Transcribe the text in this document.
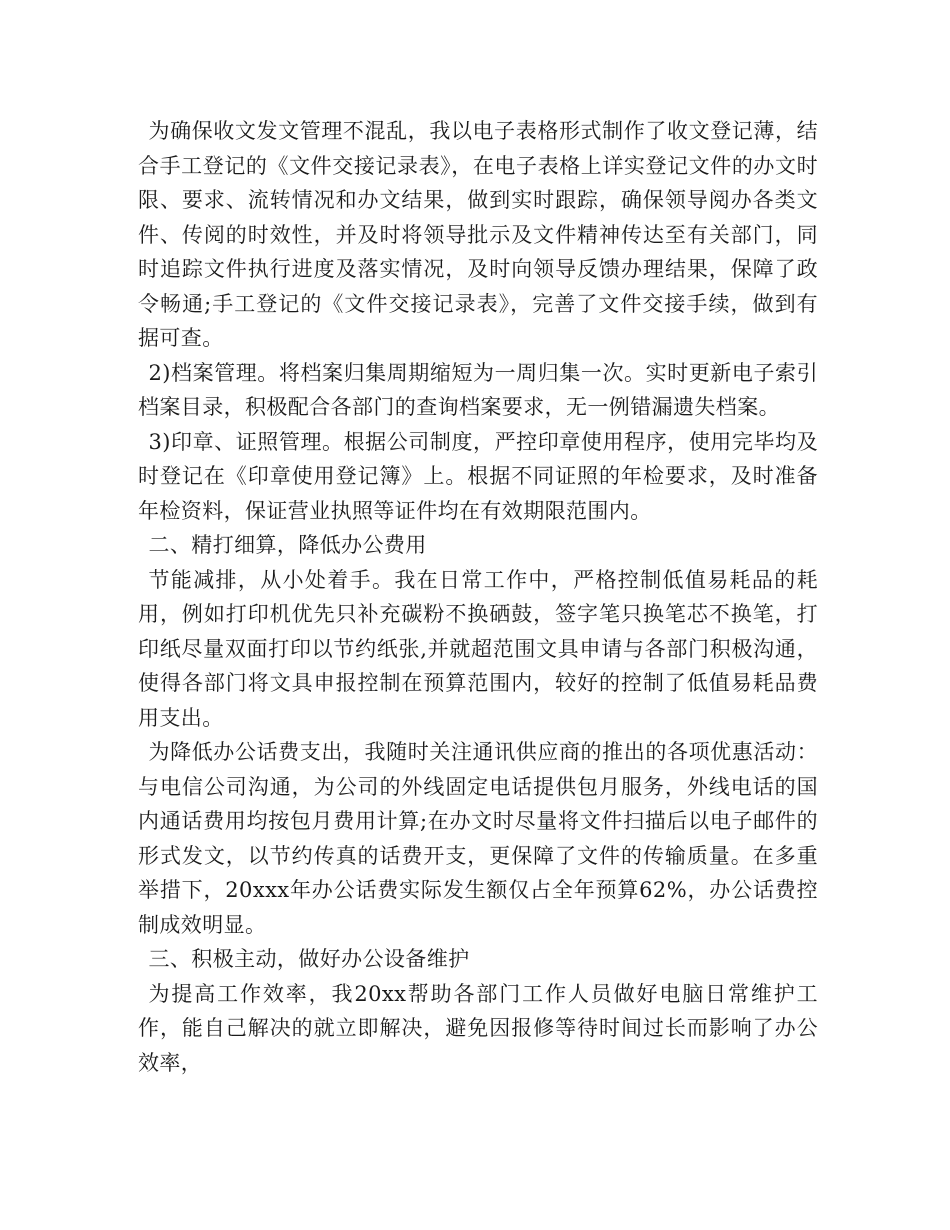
为确保收文发文管理不混乱，我以电子表格形式制作了收文登记薄，结合手工登记的《文件交接记录表》，在电子表格上详实登记文件的办文时限、要求、流转情况和办文结果，做到实时跟踪，确保领导阅办各类文件、传阅的时效性，并及时将领导批示及文件精神传达至有关部门，同时追踪文件执行进度及落实情况，及时向领导反馈办理结果，保障了政令畅通;手工登记的《文件交接记录表》，完善了文件交接手续，做到有据可查。

2)档案管理。将档案归集周期缩短为一周归集一次。实时更新电子索引档案目录，积极配合各部门的查询档案要求，无一例错漏遗失档案。

3)印章、证照管理。根据公司制度，严控印章使用程序，使用完毕均及时登记在《印章使用登记簿》上。根据不同证照的年检要求，及时准备年检资料，保证营业执照等证件均在有效期限范围内。

二、精打细算，降低办公费用

节能减排，从小处着手。我在日常工作中，严格控制低值易耗品的耗用，例如打印机优先只补充碳粉不换硒鼓，签字笔只换笔芯不换笔，打印纸尽量双面打印以节约纸张,并就超范围文具申请与各部门积极沟通，使得各部门将文具申报控制在预算范围内，较好的控制了低值易耗品费用支出。

为降低办公话费支出，我随时关注通讯供应商的推出的各项优惠活动：与电信公司沟通，为公司的外线固定电话提供包月服务，外线电话的国内通话费用均按包月费用计算;在办文时尽量将文件扫描后以电子邮件的形式发文，以节约传真的话费开支，更保障了文件的传输质量。在多重举措下，20xxx年办公话费实际发生额仅占全年预算62%，办公话费控制成效明显。

三、积极主动，做好办公设备维护

为提高工作效率，我20xx帮助各部门工作人员做好电脑日常维护工作，能自己解决的就立即解决，避免因报修等待时间过长而影响了办公效率，
